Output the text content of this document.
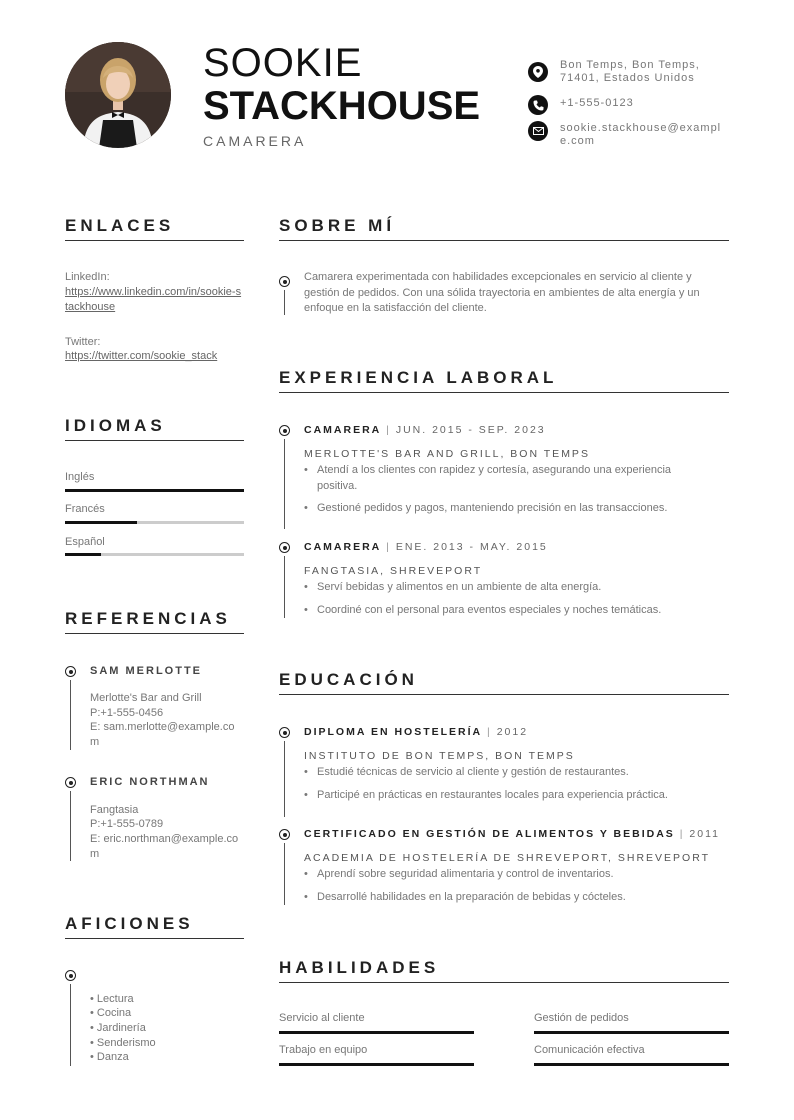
SOOKIE
STACKHOUSE
CAMARERA
Bon Temps, Bon Temps, 71401, Estados Unidos
+1-555-0123
sookie.stackhouse@example.com
ENLACES
LinkedIn:
https://www.linkedin.com/in/sookie-stackhouse
Twitter:
https://twitter.com/sookie_stack
IDIOMAS
Inglés
Francés
Español
REFERENCIAS
SAM MERLOTTE
Merlotte's Bar and Grill
P:+1-555-0456
E: sam.merlotte@example.com
ERIC NORTHMAN
Fangtasia
P:+1-555-0789
E: eric.northman@example.com
AFICIONES
• Lectura
• Cocina
• Jardinería
• Senderismo
• Danza
SOBRE MÍ
Camarera experimentada con habilidades excepcionales en servicio al cliente y gestión de pedidos. Con una sólida trayectoria en ambientes de alta energía y un enfoque en la satisfacción del cliente.
EXPERIENCIA LABORAL
CAMARERA | JUN. 2015 - SEP. 2023
MERLOTTE'S BAR AND GRILL, BON TEMPS
• Atendí a los clientes con rapidez y cortesía, asegurando una experiencia positiva.
• Gestioné pedidos y pagos, manteniendo precisión en las transacciones.
CAMARERA | ENE. 2013 - MAY. 2015
FANGTASIA, SHREVEPORT
• Serví bebidas y alimentos en un ambiente de alta energía.
• Coordiné con el personal para eventos especiales y noches temáticas.
EDUCACIÓN
DIPLOMA EN HOSTELERÍA | 2012
INSTITUTO DE BON TEMPS, BON TEMPS
• Estudié técnicas de servicio al cliente y gestión de restaurantes.
• Participé en prácticas en restaurantes locales para experiencia práctica.
CERTIFICADO EN GESTIÓN DE ALIMENTOS Y BEBIDAS | 2011
ACADEMIA DE HOSTELERÍA DE SHREVEPORT, SHREVEPORT
• Aprendí sobre seguridad alimentaria y control de inventarios.
• Desarrollé habilidades en la preparación de bebidas y cócteles.
HABILIDADES
Servicio al cliente	Gestión de pedidos
Trabajo en equipo	Comunicación efectiva
